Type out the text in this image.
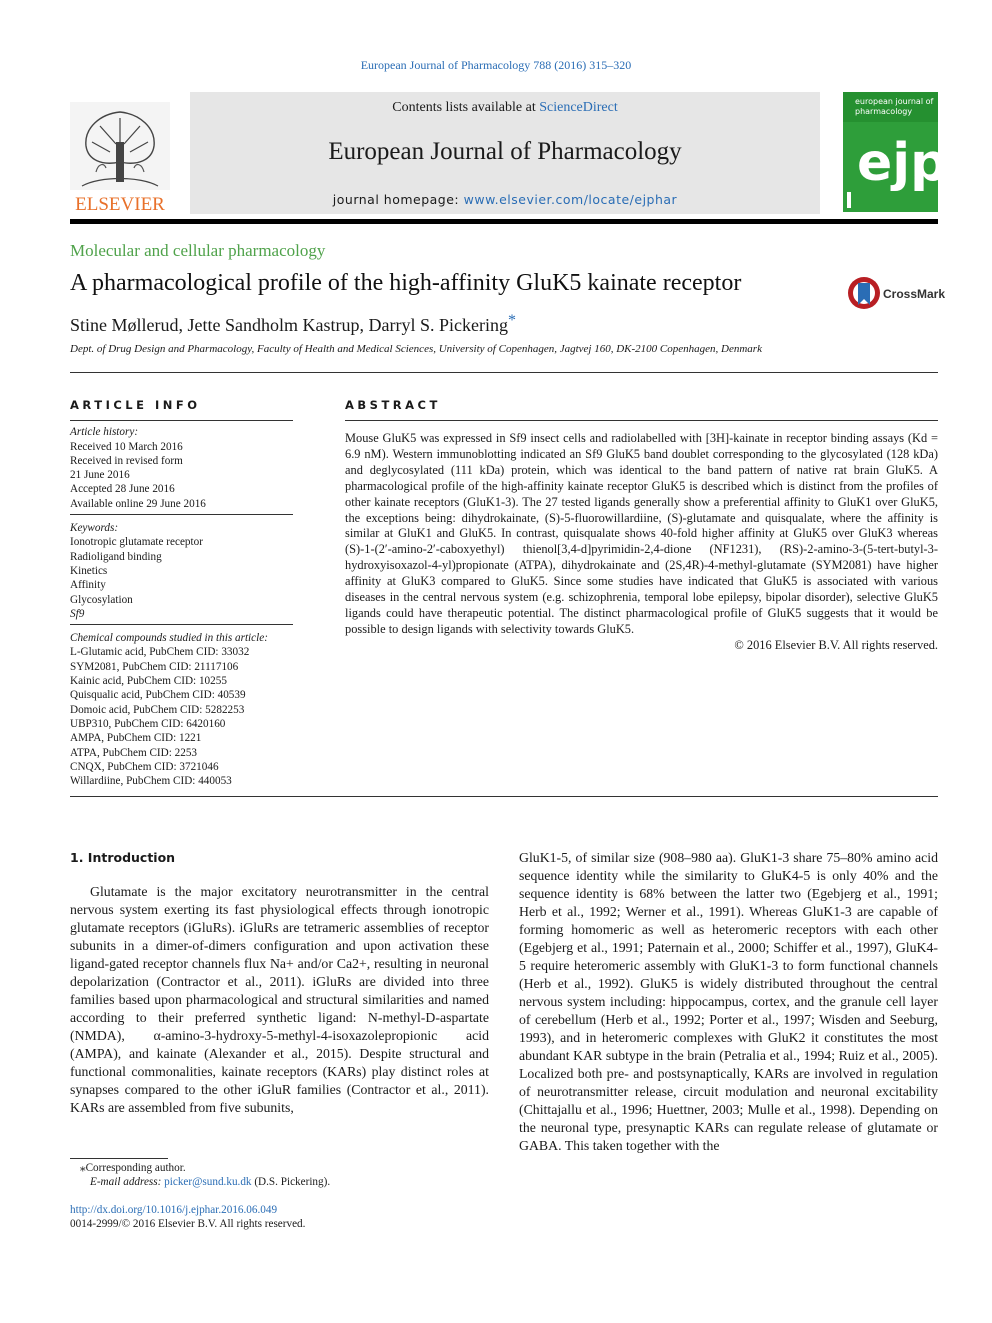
European Journal of Pharmacology 788 (2016) 315–320
ELSEVIER
Contents lists available at ScienceDirect
European Journal of Pharmacology
journal homepage: www.elsevier.com/locate/ejphar
european journal of
pharmacology
ejp
Molecular and cellular pharmacology
A pharmacological profile of the high-affinity GluK5 kainate receptor	CrossMark
Stine Møllerud, Jette Sandholm Kastrup, Darryl S. Pickering*
Dept. of Drug Design and Pharmacology, Faculty of Health and Medical Sciences, University of Copenhagen, Jagtvej 160, DK-2100 Copenhagen, Denmark
ARTICLE INFO
Article history:
Received 10 March 2016
Received in revised form
21 June 2016
Accepted 28 June 2016
Available online 29 June 2016
Keywords:
Ionotropic glutamate receptor
Radioligand binding
Kinetics
Affinity
Glycosylation
Sf9
Chemical compounds studied in this article:
L-Glutamic acid, PubChem CID: 33032
SYM2081, PubChem CID: 21117106
Kainic acid, PubChem CID: 10255
Quisqualic acid, PubChem CID: 40539
Domoic acid, PubChem CID: 5282253
UBP310, PubChem CID: 6420160
AMPA, PubChem CID: 1221
ATPA, PubChem CID: 2253
CNQX, PubChem CID: 3721046
Willardiine, PubChem CID: 440053
ABSTRACT
Mouse GluK5 was expressed in Sf9 insect cells and radiolabelled with [3H]-kainate in receptor binding assays (Kd = 6.9 nM). Western immunoblotting indicated an Sf9 GluK5 band doublet corresponding to the glycosylated (128 kDa) and deglycosylated (111 kDa) protein, which was identical to the band pattern of native rat brain GluK5. A pharmacological profile of the high-affinity kainate receptor GluK5 is described which is distinct from the profiles of other kainate receptors (GluK1-3). The 27 tested ligands generally show a preferential affinity to GluK1 over GluK5, the exceptions being: dihydrokainate, (S)-5-fluorowillardiine, (S)-glutamate and quisqualate, where the affinity is similar at GluK1 and GluK5. In contrast, quisqualate shows 40-fold higher affinity at GluK5 over GluK3 whereas (S)-1-(2′-amino-2′-caboxyethyl) thienol[3,4-d]pyrimidin-2,4-dione (NF1231), (RS)-2-amino-3-(5-tert-butyl-3-hydroxyisoxazol-4-yl)propionate (ATPA), dihydrokainate and (2S,4R)-4-methyl-glutamate (SYM2081) have higher affinity at GluK3 compared to GluK5. Since some studies have indicated that GluK5 is associated with various diseases in the central nervous system (e.g. schizophrenia, temporal lobe epilepsy, bipolar disorder), selective GluK5 ligands could have therapeutic potential. The distinct pharmacological profile of GluK5 suggests that it would be possible to design ligands with selectivity towards GluK5.
© 2016 Elsevier B.V. All rights reserved.
1. Introduction
Glutamate is the major excitatory neurotransmitter in the central nervous system exerting its fast physiological effects through ionotropic glutamate receptors (iGluRs). iGluRs are tetrameric assemblies of receptor subunits in a dimer-of-dimers configuration and upon activation these ligand-gated receptor channels flux Na+ and/or Ca2+, resulting in neuronal depolarization (Contractor et al., 2011). iGluRs are divided into three families based upon pharmacological and structural similarities and named according to their preferred synthetic ligand: N-methyl-D-aspartate (NMDA), α-amino-3-hydroxy-5-methyl-4-isoxazolepropionic acid (AMPA), and kainate (Alexander et al., 2015). Despite structural and functional commonalities, kainate receptors (KARs) play distinct roles at synapses compared to the other iGluR families (Contractor et al., 2011). KARs are assembled from five subunits,
GluK1-5, of similar size (908–980 aa). GluK1-3 share 75–80% amino acid sequence identity while the similarity to GluK4-5 is only 40% and the sequence identity is 68% between the latter two (Egebjerg et al., 1991; Herb et al., 1992; Werner et al., 1991). Whereas GluK1-3 are capable of forming homomeric as well as heteromeric receptors with each other (Egebjerg et al., 1991; Paternain et al., 2000; Schiffer et al., 1997), GluK4-5 require heteromeric assembly with GluK1-3 to form functional channels (Herb et al., 1992). GluK5 is widely distributed throughout the central nervous system including: hippocampus, cortex, and the granule cell layer of cerebellum (Herb et al., 1992; Porter et al., 1997; Wisden and Seeburg, 1993), and in heteromeric complexes with GluK2 it constitutes the most abundant KAR subtype in the brain (Petralia et al., 1994; Ruiz et al., 2005). Localized both pre- and postsynaptically, KARs are involved in regulation of neurotransmitter release, circuit modulation and neuronal excitability (Chittajallu et al., 1996; Huettner, 2003; Mulle et al., 1998). Depending on the neuronal type, presynaptic KARs can regulate release of glutamate or GABA. This taken together with the
⁎Corresponding author.
E-mail address: picker@sund.ku.dk (D.S. Pickering).
http://dx.doi.org/10.1016/j.ejphar.2016.06.049
0014-2999/© 2016 Elsevier B.V. All rights reserved.
